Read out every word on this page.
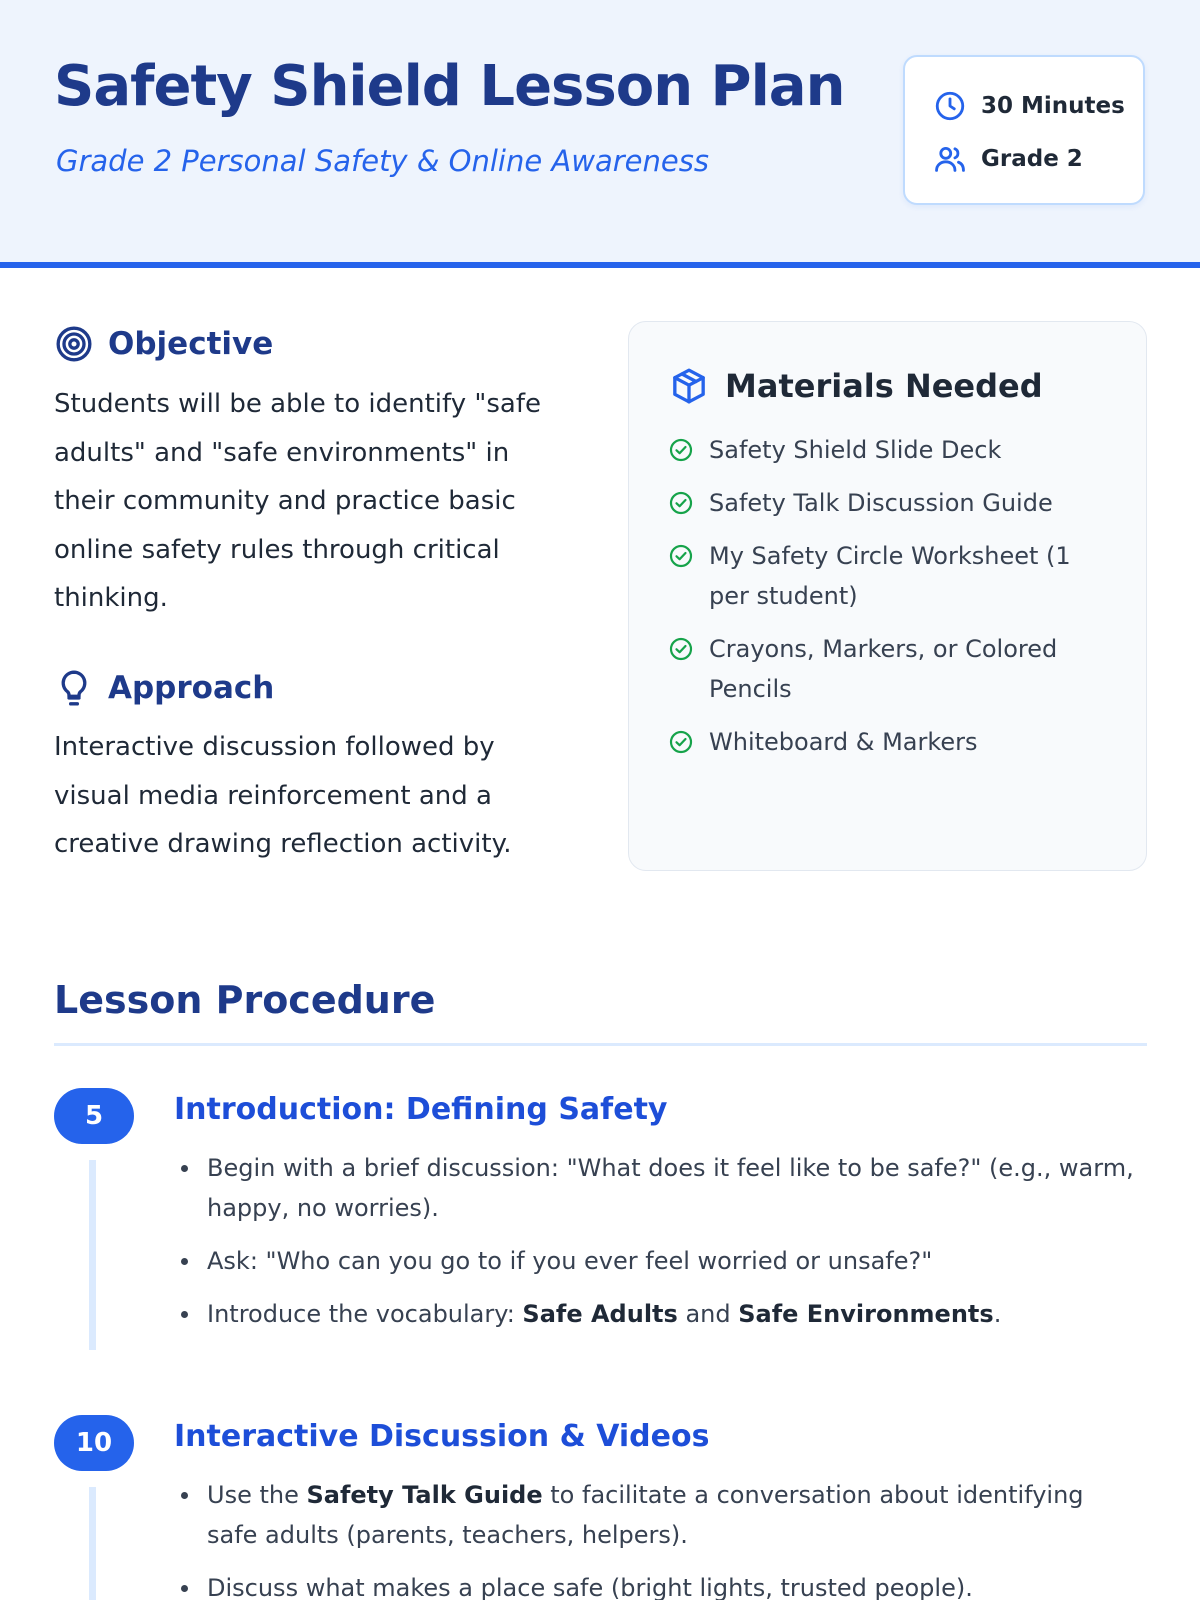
Safety Shield Lesson Plan

Grade 2 Personal Safety & Online Awareness

30 Minutes
Grade 2
Objective

Students will be able to identify "safe adults" and "safe environments" in their community and practice basic online safety rules through critical thinking.

Approach

Interactive discussion followed by visual media reinforcement and a creative drawing reflection activity.

Materials Needed
Safety Shield Slide Deck
Safety Talk Discussion Guide
My Safety Circle Worksheet (1 per student)
Crayons, Markers, or Colored Pencils
Whiteboard & Markers
Lesson Procedure
5	Introduction: Defining Safety
Begin with a brief discussion: "What does it feel like to be safe?" (e.g., warm, happy, no worries).
Ask: "Who can you go to if you ever feel worried or unsafe?"
Introduce the vocabulary: Safe Adults and Safe Environments.
10	Interactive Discussion & Videos
Use the Safety Talk Guide to facilitate a conversation about identifying safe adults (parents, teachers, helpers).
Discuss what makes a place safe (bright lights, trusted people).
